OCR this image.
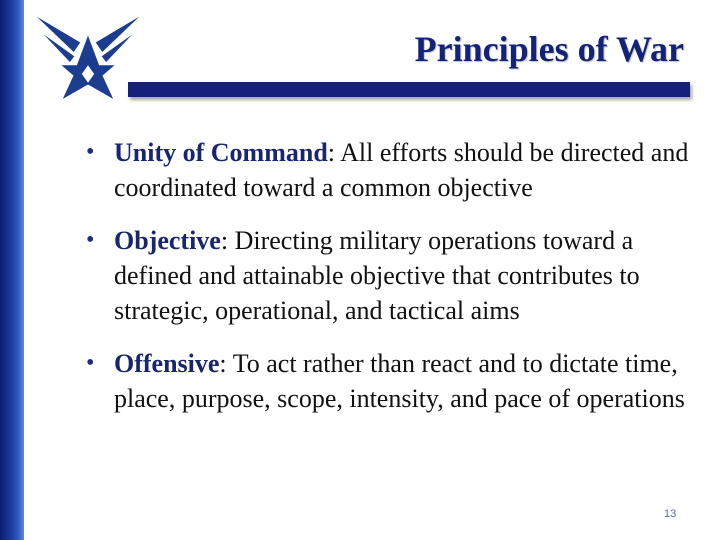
Principles of War
• Unity of Command: All efforts should be directed and coordinated toward a common objective
• Objective: Directing military operations toward a defined and attainable objective that contributes to strategic, operational, and tactical aims
• Offensive: To act rather than react and to dictate time, place, purpose, scope, intensity, and pace of operations
13
